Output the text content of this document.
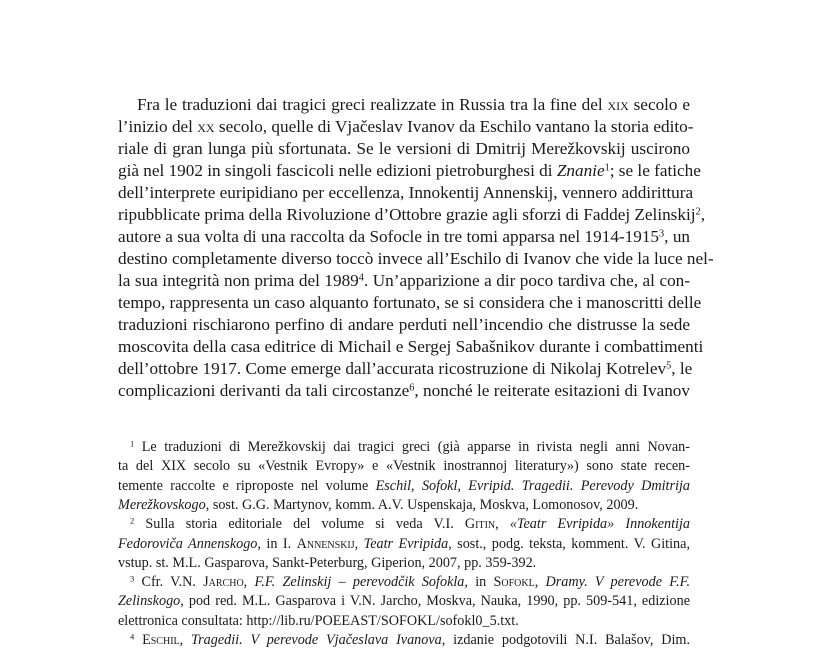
Fra le traduzioni dai tragici greci realizzate in Russia tra la fine del xix secolo e
l’inizio del xx secolo, quelle di Vjačeslav Ivanov da Eschilo vantano la storia edito-
riale di gran lunga più sfortunata. Se le versioni di Dmitrij Merežkovskij uscirono
già nel 1902 in singoli fascicoli nelle edizioni pietroburghesi di Znanie$^1$; se le fatiche
dell’interprete euripidiano per eccellenza, Innokentij Annenskij, vennero addirittura
ripubblicate prima della Rivoluzione d’Ottobre grazie agli sforzi di Faddej Zelinskij$^2$,
autore a sua volta di una raccolta da Sofocle in tre tomi apparsa nel 1914-1915$^3$, un
destino completamente diverso toccò invece all’Eschilo di Ivanov che vide la luce nel-
la sua integrità non prima del 1989$^4$. Un’apparizione a dir poco tardiva che, al con-
tempo, rappresenta un caso alquanto fortunato, se si considera che i manoscritti delle
traduzioni rischiarono perfino di andare perduti nell’incendio che distrusse la sede
moscovita della casa editrice di Michail e Sergej Sabašnikov durante i combattimenti
dell’ottobre 1917. Come emerge dall’accurata ricostruzione di Nikolaj Kotrelev$^5$, le
complicazioni derivanti da tali circostanze$^6$, nonché le reiterate esitazioni di Ivanov
$^1$ Le traduzioni di Merežkovskij dai tragici greci (già apparse in rivista negli anni Novan-
ta del XIX secolo su «Vestnik Evropy» e «Vestnik inostrannoj literatury») sono state recen-
temente raccolte e riproposte nel volume Eschil, Sofokl, Evripid. Tragedii. Perevody Dmitrija
Merežkovskogo, sost. G.G. Martynov, komm. A.V. Uspenskaja, Moskva, Lomonosov, 2009.
$^2$ Sulla storia editoriale del volume si veda V.I. Gitin, «Teatr Evripida» Innokentija
Fedoroviča Annenskogo, in I. Annenskij, Teatr Evripida, sost., podg. teksta, komment. V. Gitina,
vstup. st. M.L. Gasparova, Sankt-Peterburg, Giperion, 2007, pp. 359-392.
$^3$ Cfr. V.N. Jarcho, F.F. Zelinskij – perevodčik Sofokla, in Sofokl, Dramy. V perevode F.F.
Zelinskogo, pod red. M.L. Gasparova i V.N. Jarcho, Moskva, Nauka, 1990, pp. 509-541, edizione
elettronica consultata: http://lib.ru/POEEAST/SOFOKL/sofokl0_5.txt.
$^4$ Eschil, Tragedii. V perevode Vjačeslava Ivanova, izdanie podgotovili N.I. Balašov, Dim.
